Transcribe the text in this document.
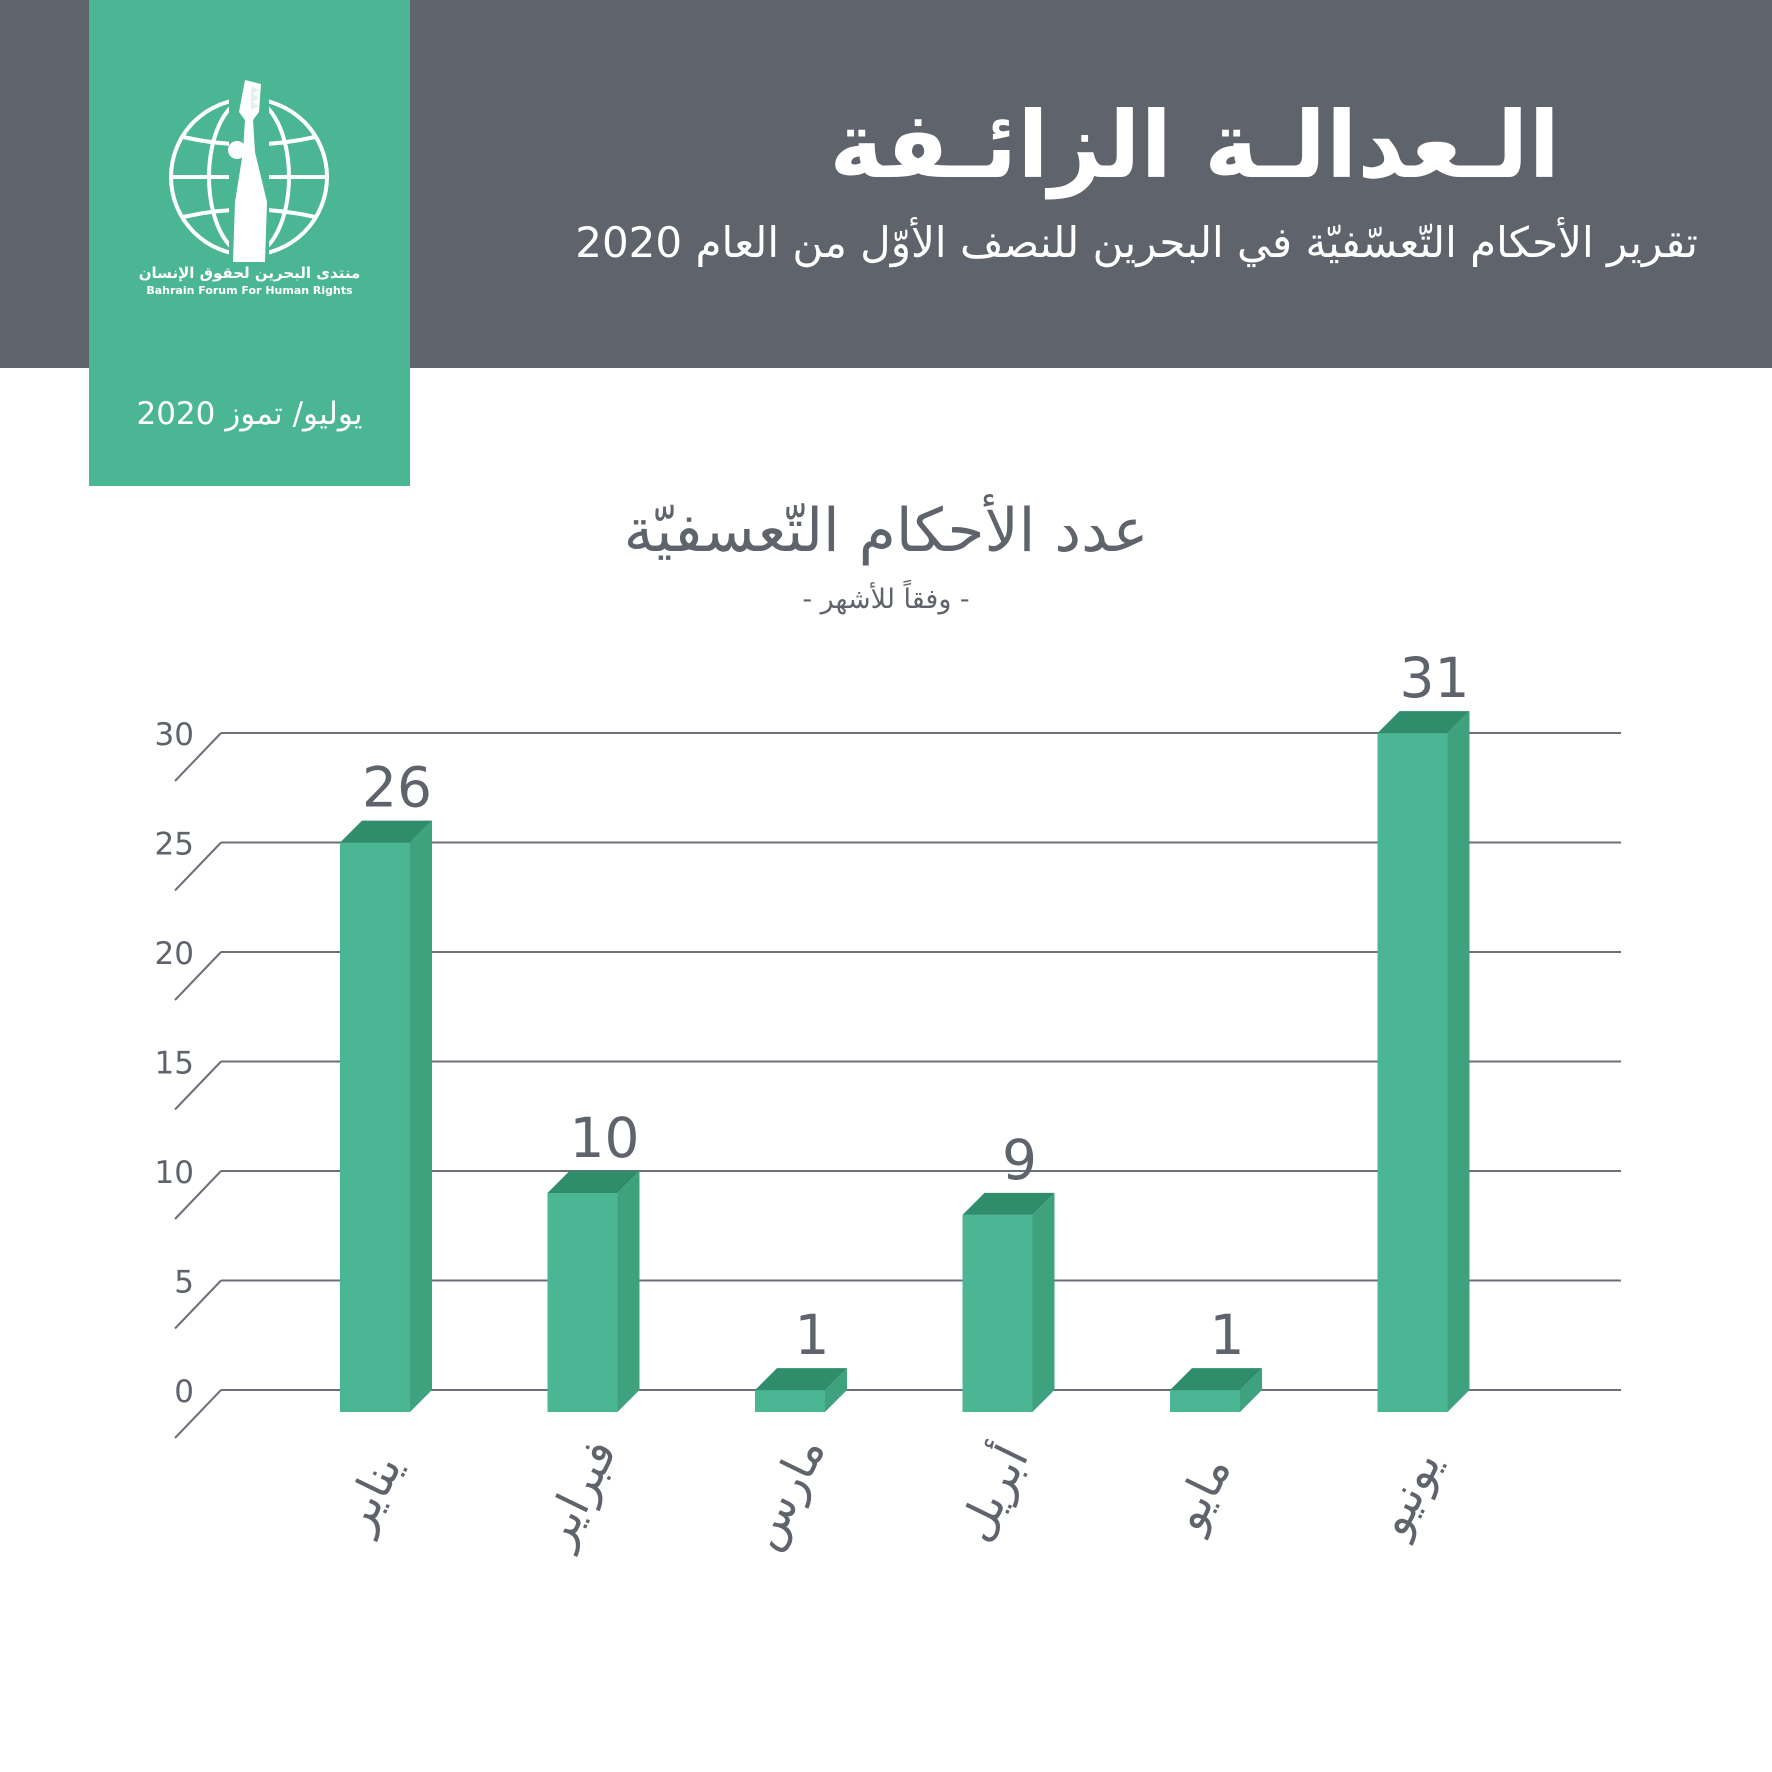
منتدى البحرين لحقوق الإنسان
Bahrain Forum For Human Rights
يوليو/ تموز 2020
الـعدالـة الزائـفة
تقرير الأحكام التّعسّفيّة في البحرين للنصف الأوّل من العام 2020
عدد الأحكام التّعسفيّة
- وفقاً للأشهر -
0
5
10
15
20
25
30
26
يناير
10
فبراير
1
مارس
9
أبريل
1
مايو
31
يونيو
